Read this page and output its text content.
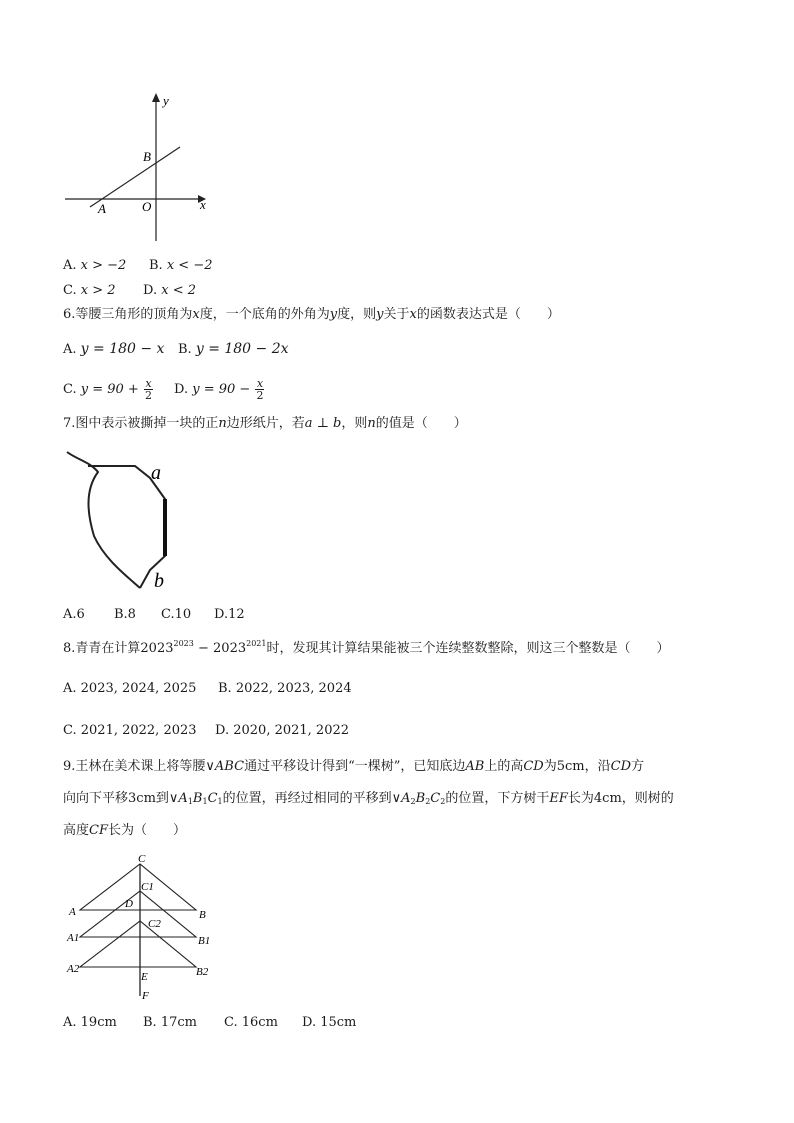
y
x
B
A	O
A. x > −2 B. x < −2
C. x > 2 D. x < 2
6.等腰三角形的顶角为x度，一个底角的外角为y度，则y关于x的函数表达式是（　　）
A. y = 180 − x B. y = 180 − 2x
C. $y = 90 + \frac{x}{2} D$. $y = 90 - \frac{x}{2}$
7.图中表示被撕掉一块的正n边形纸片，若a ⊥ b，则n的值是（　　）
a
b
A.6 B.8 C.10 D.12
8.青青在计算$2023^{2023} - 2023^{2021}$时，发现其计算结果能被三个连续整数整除，则这三个整数是（　　）
A. 2023, 2024, 2025 B. 2022, 2023, 2024
C. 2021, 2022, 2023 D. 2020, 2021, 2022
9.王林在美术课上将等腰∨ABC通过平移设计得到“一棵树”，已知底边AB上的高CD为5cm，沿CD方
向向下平移3cm到$\vee A_1B_1C_1$的位置，再经过相同的平移到$\vee A_2B_2C_2$的位置，下方树干EF长为4cm，则树的
高度CF长为（　　）
C
C1
D
C2
A	B
A1	B1
A2	B2
E
F
A. 19cm B. 17cm C. 16cm D. 15cm
